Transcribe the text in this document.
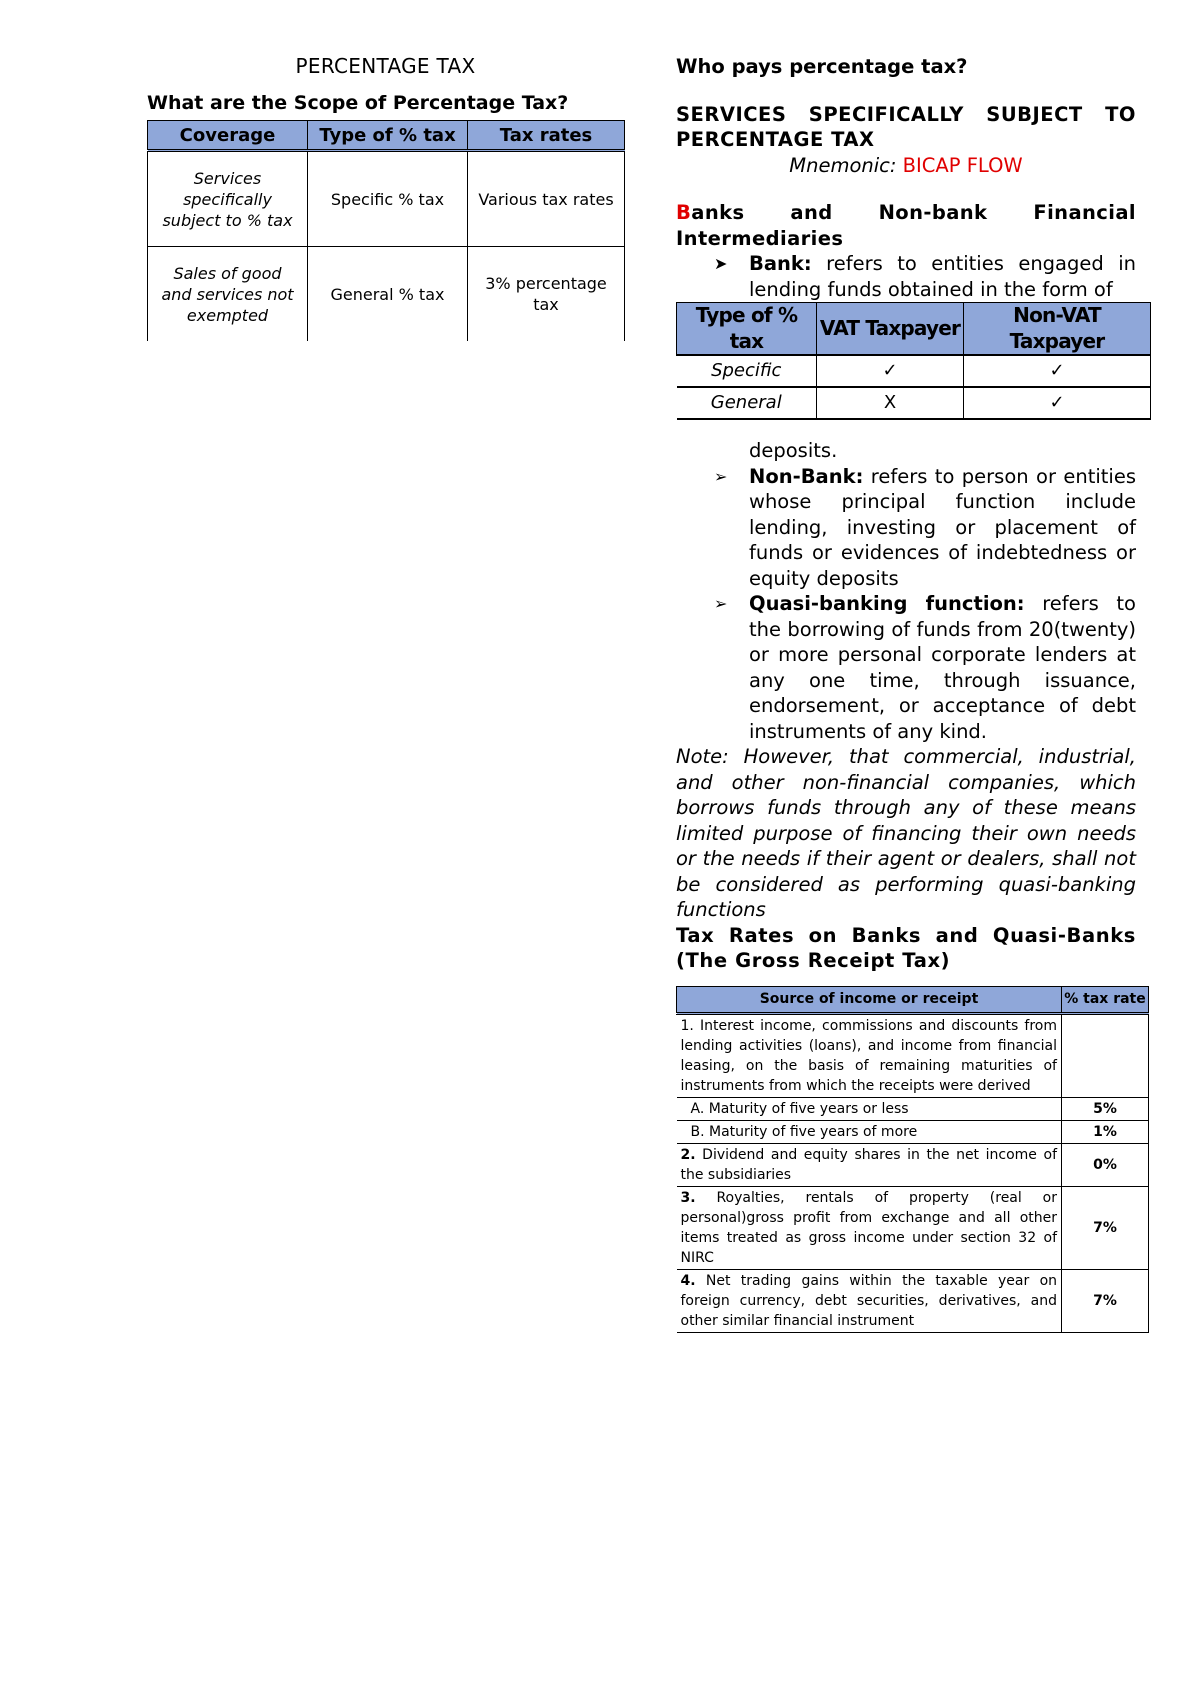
PERCENTAGE TAX

What are the Scope of Percentage Tax?

Coverage	Type of % tax	Tax rates
Services specifically subject to % tax	Specific % tax	Various tax rates
Sales of good and services not exempted	General % tax	3% percentage tax

Who pays percentage tax?

SERVICES SPECIFICALLY SUBJECT TO

PERCENTAGE TAX

Mnemonic: BICAP FLOW

Banks and Non-bank Financial

Intermediaries

➤ Bank: refers to entities engaged in lending funds obtained in the form of

Type of % tax	VAT Taxpayer	Non-VAT Taxpayer
Specific	✓	✓
General	X	✓

deposits.

➢ Non-Bank: refers to person or entities whose principal function include lending, investing or placement of funds or evidences of indebtedness or equity deposits

➢ Quasi-banking function: refers to the borrowing of funds from 20(twenty) or more personal corporate lenders at any one time, through issuance, endorsement, or acceptance of debt instruments of any kind.

Note: However, that commercial, industrial, and other non-financial companies, which borrows funds through any of these means limited purpose of financing their own needs or the needs if their agent or dealers, shall not be considered as performing quasi-banking functions

Tax Rates on Banks and Quasi-Banks

(The Gross Receipt Tax)

Source of income or receipt	% tax rate
1. Interest income, commissions and discounts from lending activities (loans), and income from financial leasing, on the basis of remaining maturities of instruments from which the receipts were derived	
A. Maturity of five years or less	5%
B. Maturity of five years of more	1%
2. Dividend and equity shares in the net income of the subsidiaries	0%
3. Royalties, rentals of property (real or personal)gross profit from exchange and all other items treated as gross income under section 32 of NIRC	7%
4. Net trading gains within the taxable year on foreign currency, debt securities, derivatives, and other similar financial instrument	7%
